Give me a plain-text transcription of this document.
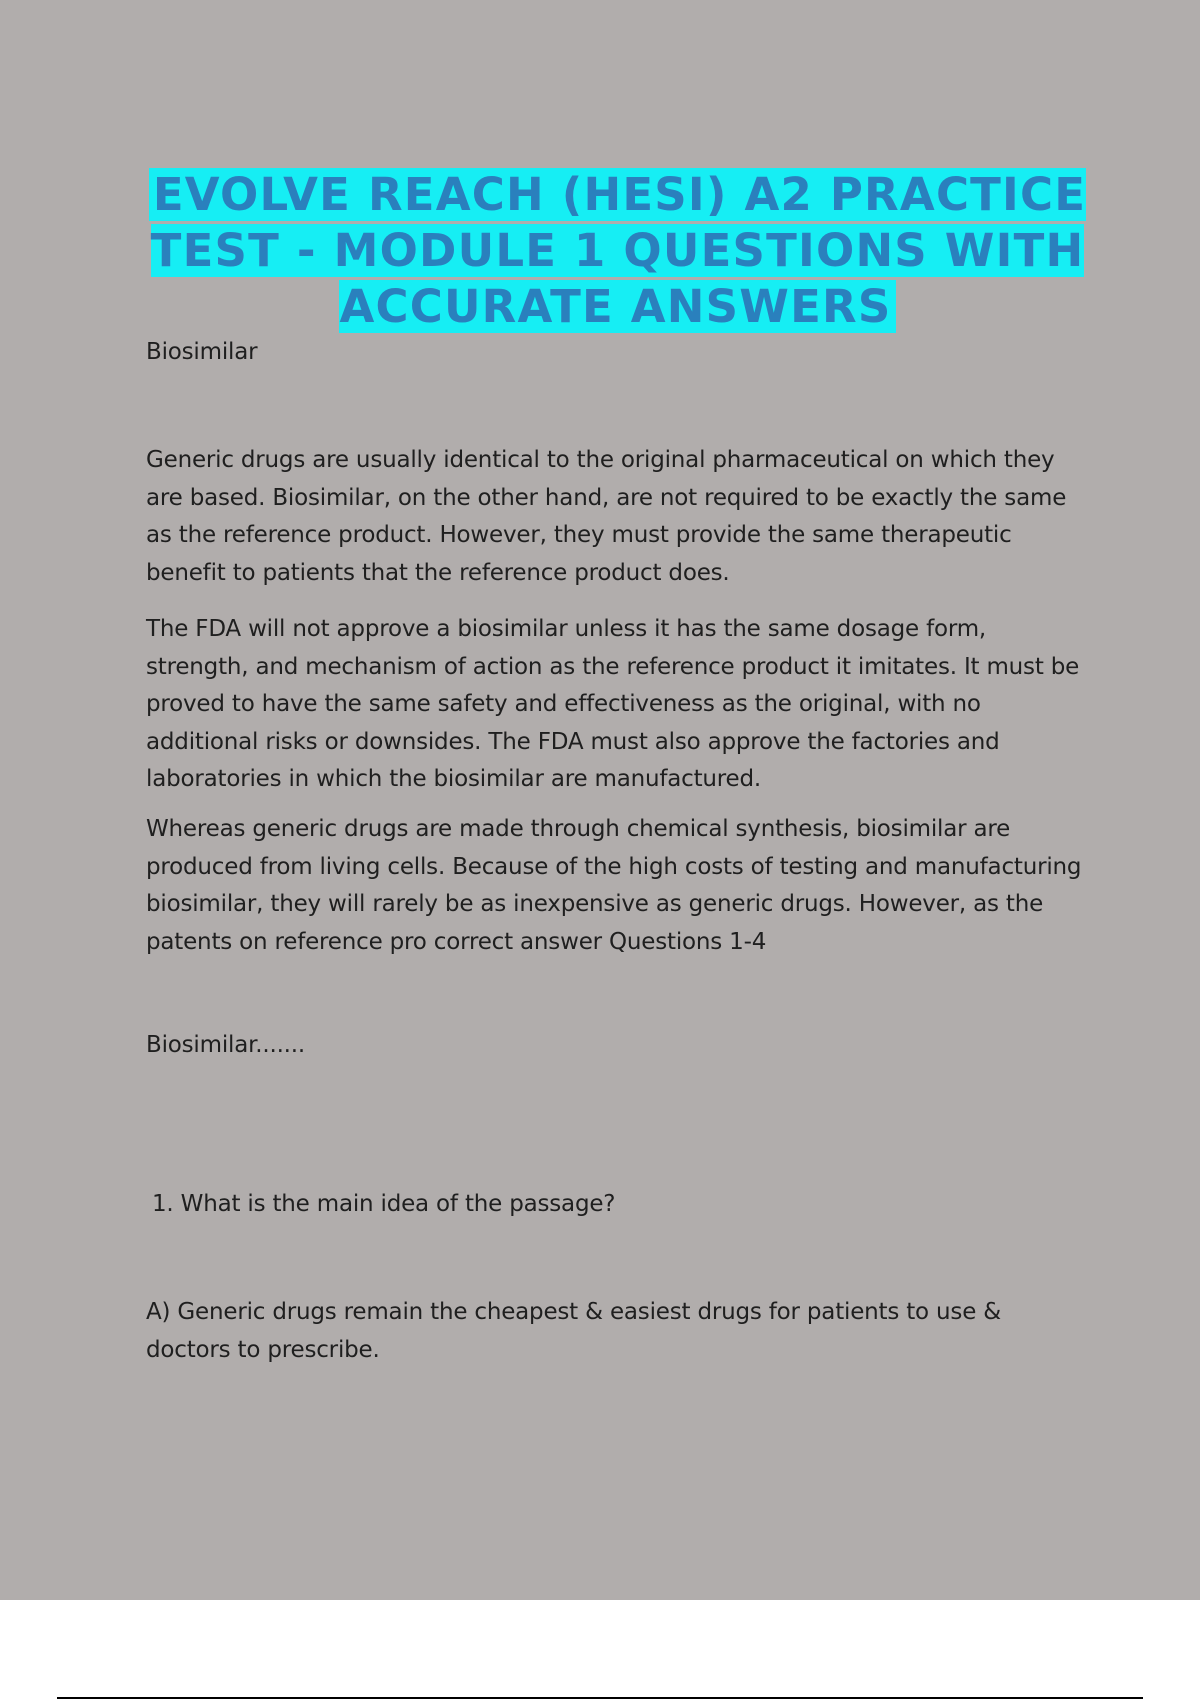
EVOLVE REACH (HESI) A2 PRACTICE TEST - MODULE 1 QUESTIONS WITH ACCURATE ANSWERS

Biosimilar

Generic drugs are usually identical to the original pharmaceutical on which they are based. Biosimilar, on the other hand, are not required to be exactly the same as the reference product. However, they must provide the same therapeutic benefit to patients that the reference product does.

The FDA will not approve a biosimilar unless it has the same dosage form, strength, and mechanism of action as the reference product it imitates. It must be proved to have the same safety and effectiveness as the original, with no additional risks or downsides. The FDA must also approve the factories and laboratories in which the biosimilar are manufactured.

Whereas generic drugs are made through chemical synthesis, biosimilar are produced from living cells. Because of the high costs of testing and manufacturing biosimilar, they will rarely be as inexpensive as generic drugs. However, as the patents on reference pro correct answer Questions 1-4

Biosimilar.......

1. What is the main idea of the passage?

A) Generic drugs remain the cheapest & easiest drugs for patients to use & doctors to prescribe.
